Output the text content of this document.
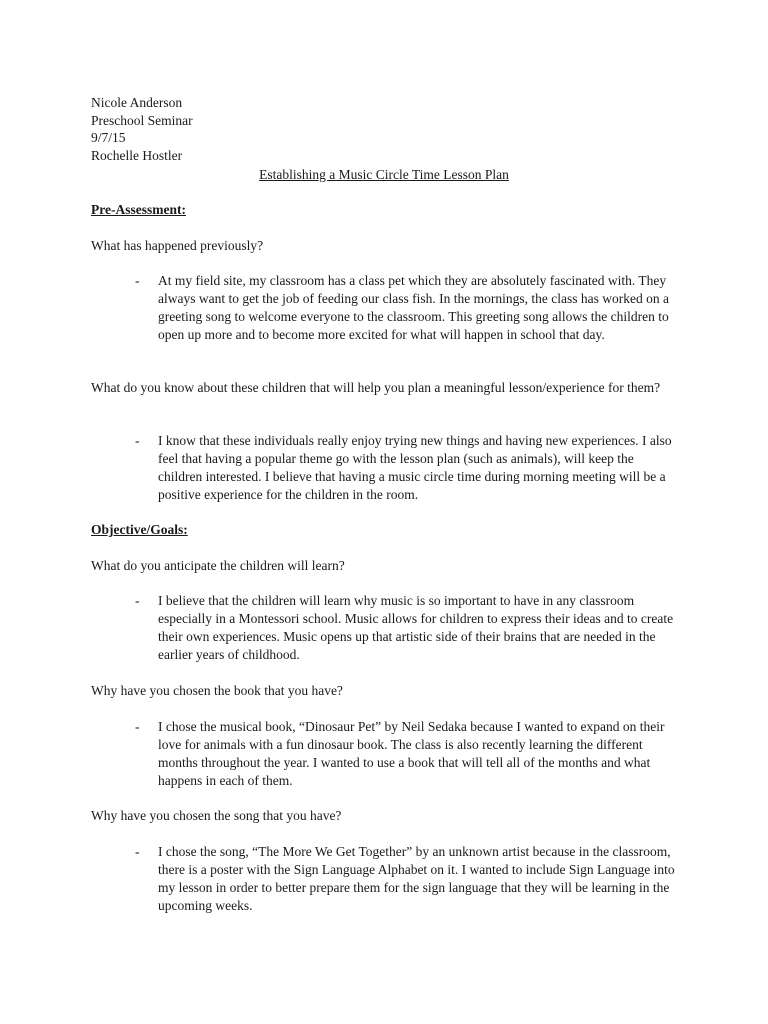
Nicole Anderson
Preschool Seminar
9/7/15
Rochelle Hostler
Establishing a Music Circle Time Lesson Plan
Pre-Assessment:
What has happened previously?
- At my field site, my classroom has a class pet which they are absolutely fascinated with. They always want to get the job of feeding our class fish. In the mornings, the class has worked on a greeting song to welcome everyone to the classroom. This greeting song allows the children to open up more and to become more excited for what will happen in school that day.
What do you know about these children that will help you plan a meaningful lesson/experience for them?
- I know that these individuals really enjoy trying new things and having new experiences. I also feel that having a popular theme go with the lesson plan (such as animals), will keep the children interested. I believe that having a music circle time during morning meeting will be a positive experience for the children in the room.
Objective/Goals:
What do you anticipate the children will learn?
- I believe that the children will learn why music is so important to have in any classroom especially in a Montessori school. Music allows for children to express their ideas and to create their own experiences. Music opens up that artistic side of their brains that are needed in the earlier years of childhood.
Why have you chosen the book that you have?
- I chose the musical book, “Dinosaur Pet” by Neil Sedaka because I wanted to expand on their love for animals with a fun dinosaur book. The class is also recently learning the different months throughout the year. I wanted to use a book that will tell all of the months and what happens in each of them.
Why have you chosen the song that you have?
- I chose the song, “The More We Get Together” by an unknown artist because in the classroom, there is a poster with the Sign Language Alphabet on it. I wanted to include Sign Language into my lesson in order to better prepare them for the sign language that they will be learning in the upcoming weeks.
